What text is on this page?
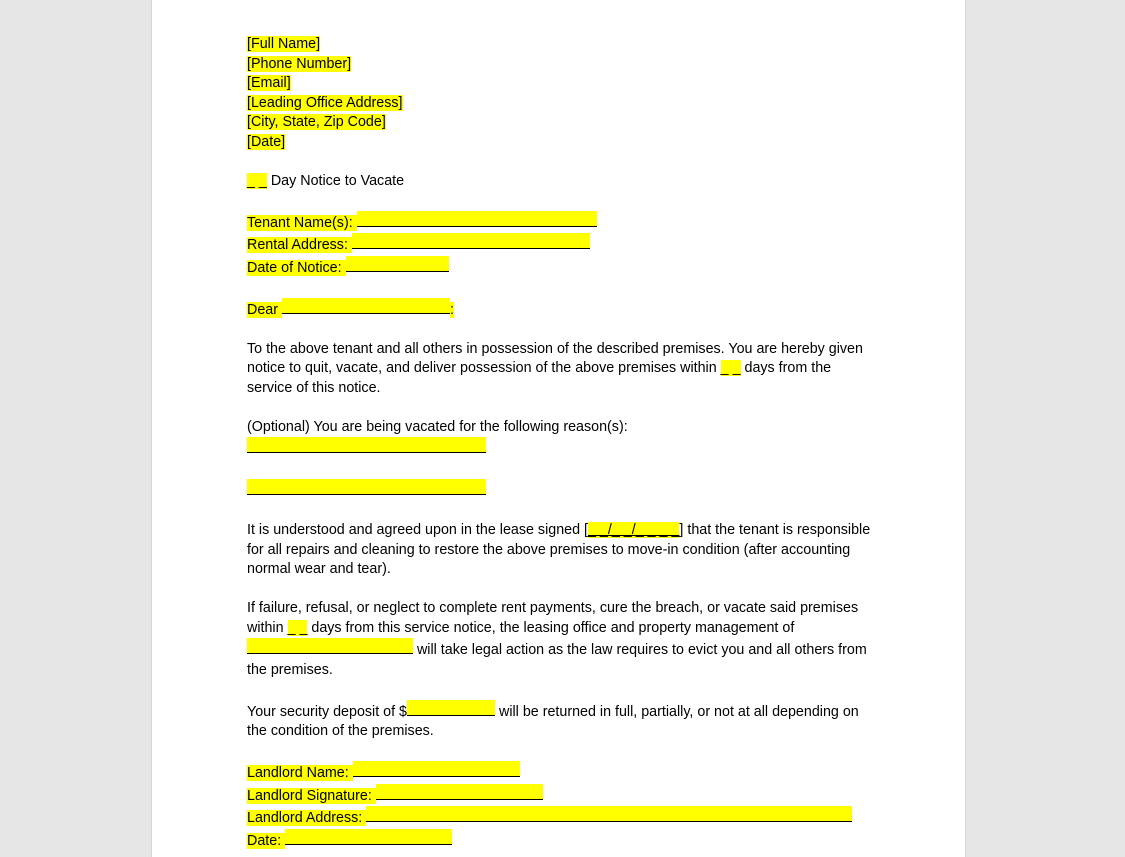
[Full Name]
[Phone Number]
[Email]
[Leading Office Address]
[City, State, Zip Code]
[Date]
_ _ Day Notice to Vacate
Tenant Name(s):
Rental Address:
Date of Notice:
Dear	:
To the above tenant and all others in possession of the described premises. You are hereby given notice to quit, vacate, and deliver possession of the above premises within _ _ days from the service of this notice.
(Optional) You are being vacated for the following reason(s):
It is understood and agreed upon in the lease signed [_ _/_ _/_ _ _ _] that the tenant is responsible for all repairs and cleaning to restore the above premises to move-in condition (after accounting normal wear and tear).
If failure, refusal, or neglect to complete rent payments, cure the breach, or vacate said premises within _ _ days from this service notice, the leasing office and property management of  will take legal action as the law requires to evict you and all others from the premises.
Your security deposit of $	will be returned in full, partially, or not at all depending on the condition of the premises.
Landlord Name:
Landlord Signature:
Landlord Address:
Date:
